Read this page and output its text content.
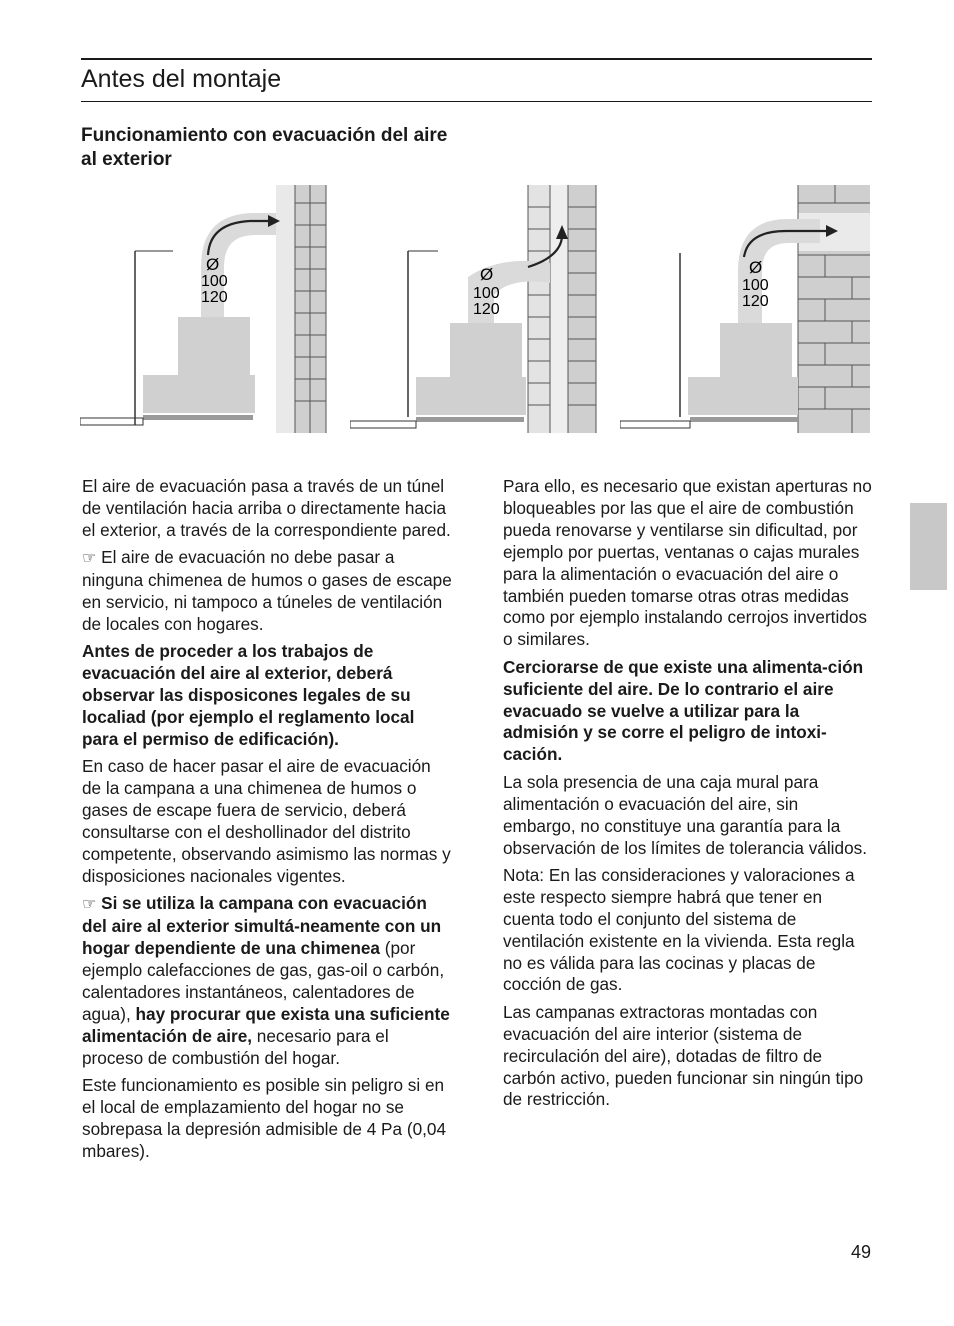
Antes del montaje
Funcionamiento con evacuación del aire al exterior
Ø
100
120
Ø
100
120
Ø
100
120

El aire de evacuación pasa a través de un túnel de ventilación hacia arriba o directamente hacia el exterior, a través de la correspondiente pared.

☞ El aire de evacuación no debe pasar a ninguna chimenea de humos o gases de escape en servicio, ni tampoco a túneles de ventilación de locales con hogares.

Antes de proceder a los trabajos de evacuación del aire al exterior, deberá observar las disposicones legales de su localiad (por ejemplo el reglamento local para el permiso de edificación).

En caso de hacer pasar el aire de evacuación de la campana a una chimenea de humos o gases de escape fuera de servicio, deberá consultarse con el deshollinador del distrito competente, observando asimismo las normas y disposiciones nacionales vigentes.

☞ Si se utiliza la campana con evacuación del aire al exterior simultá-neamente con un hogar dependiente de una chimenea (por ejemplo calefacciones de gas, gas-oil o carbón, calentadores instantáneos, calentadores de agua), hay procurar que exista una suficiente alimentación de aire, necesario para el proceso de combustión del hogar.

Este funcionamiento es posible sin peligro si en el local de emplazamiento del hogar no se sobrepasa la depresión admisible de 4 Pa (0,04 mbares).

Para ello, es necesario que existan aperturas no bloqueables por las que el aire de combustión pueda renovarse y ventilarse sin dificultad, por ejemplo por puertas, ventanas o cajas murales para la alimentación o evacuación del aire o también pueden tomarse otras otras medidas como por ejemplo instalando cerrojos invertidos o similares.

Cerciorarse de que existe una alimenta-ción suficiente del aire. De lo contrario el aire evacuado se vuelve a utilizar para la admisión y se corre el peligro de intoxi-cación.

La sola presencia de una caja mural para alimentación o evacuación del aire, sin embargo, no constituye una garantía para la observación de los límites de tolerancia válidos.

Nota: En las consideraciones y valoraciones a este respecto siempre habrá que tener en cuenta todo el conjunto del sistema de ventilación existente en la vivienda. Esta regla no es válida para las cocinas y placas de cocción de gas.

Las campanas extractoras montadas con evacuación del aire interior (sistema de recirculación del aire), dotadas de filtro de carbón activo, pueden funcionar sin ningún tipo de restricción.

49
